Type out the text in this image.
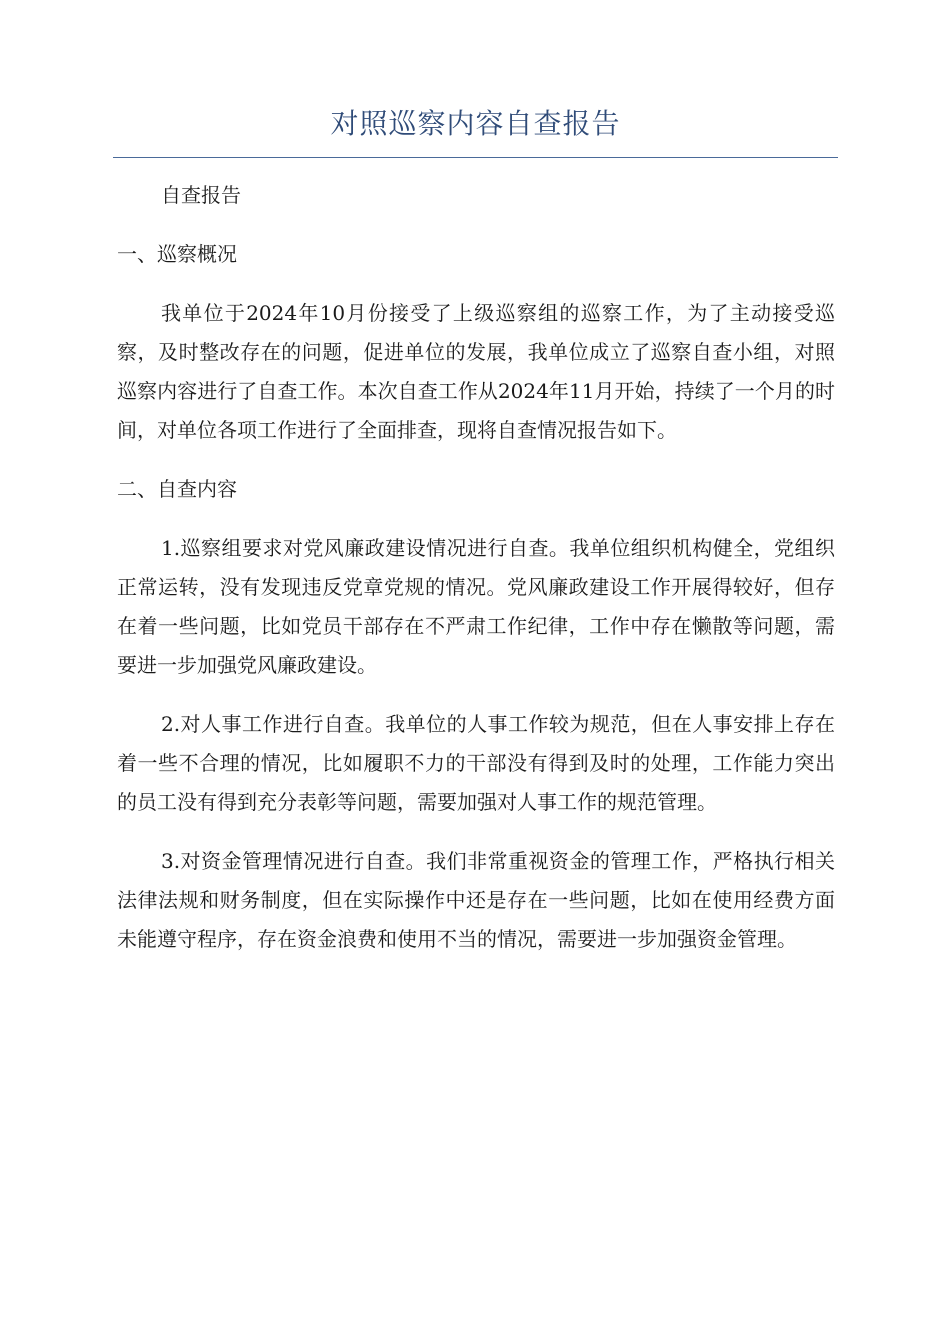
对照巡察内容自查报告

自查报告

一、巡察概况

我单位于2024年10月份接受了上级巡察组的巡察工作，为了主动接受巡察，及时整改存在的问题，促进单位的发展，我单位成立了巡察自查小组，对照巡察内容进行了自查工作。本次自查工作从2024年11月开始，持续了一个月的时间，对单位各项工作进行了全面排查，现将自查情况报告如下。

二、自查内容

1.巡察组要求对党风廉政建设情况进行自查。我单位组织机构健全，党组织正常运转，没有发现违反党章党规的情况。党风廉政建设工作开展得较好，但存在着一些问题，比如党员干部存在不严肃工作纪律，工作中存在懒散等问题，需要进一步加强党风廉政建设。

2.对人事工作进行自查。我单位的人事工作较为规范，但在人事安排上存在着一些不合理的情况，比如履职不力的干部没有得到及时的处理，工作能力突出的员工没有得到充分表彰等问题，需要加强对人事工作的规范管理。

3.对资金管理情况进行自查。我们非常重视资金的管理工作，严格执行相关法律法规和财务制度，但在实际操作中还是存在一些问题，比如在使用经费方面未能遵守程序，存在资金浪费和使用不当的情况，需要进一步加强资金管理。
